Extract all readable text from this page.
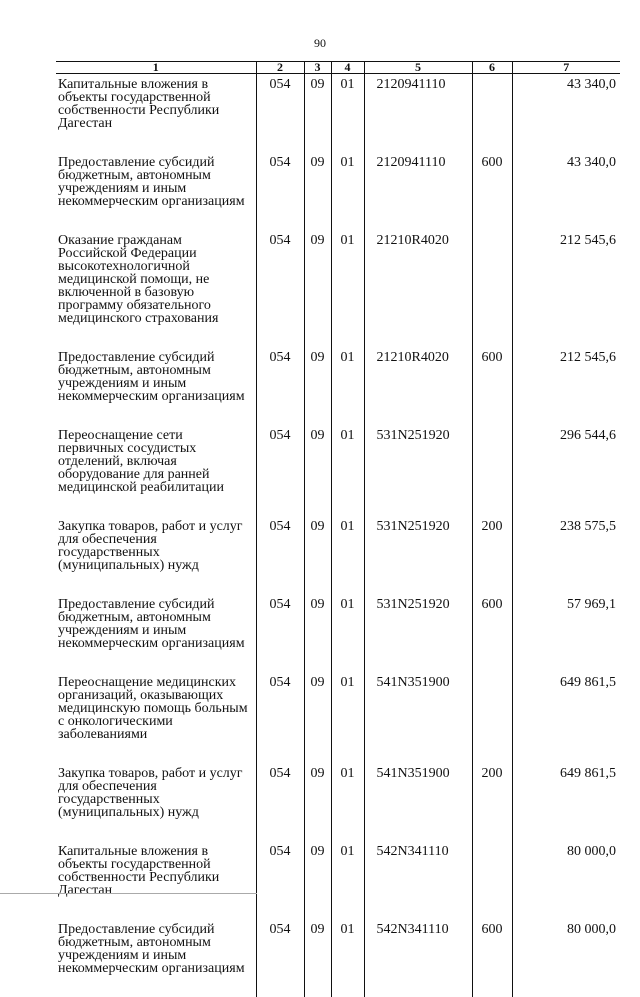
90
1	2	3	4	5	6	7
Капитальные вложения в объекты государственной собственности Республики Дагестан	054	09	01	2120941110		43 340,0

Предоставление субсидий бюджетным, автономным учреждениям и иным некоммерческим организациям	054	09	01	2120941110	600	43 340,0

Оказание гражданам Российской Федерации высокотехнологичной медицинской помощи, не включенной в базовую программу обязательного медицинского страхования	054	09	01	21210R4020		212 545,6

Предоставление субсидий бюджетным, автономным учреждениям и иным некоммерческим организациям	054	09	01	21210R4020	600	212 545,6

Переоснащение сети первичных сосудистых отделений, включая оборудование для ранней медицинской реабилитации	054	09	01	531N251920		296 544,6

Закупка товаров, работ и услуг для обеспечения государственных (муниципальных) нужд	054	09	01	531N251920	200	238 575,5

Предоставление субсидий бюджетным, автономным учреждениям и иным некоммерческим организациям	054	09	01	531N251920	600	57 969,1

Переоснащение медицинских организаций, оказывающих медицинскую помощь больным с онкологическими заболеваниями	054	09	01	541N351900		649 861,5

Закупка товаров, работ и услуг для обеспечения государственных (муниципальных) нужд	054	09	01	541N351900	200	649 861,5

Капитальные вложения в объекты государственной собственности Республики Дагестан	054	09	01	542N341110		80 000,0

Предоставление субсидий бюджетным, автономным учреждениям и иным некоммерческим организациям	054	09	01	542N341110	600	80 000,0
